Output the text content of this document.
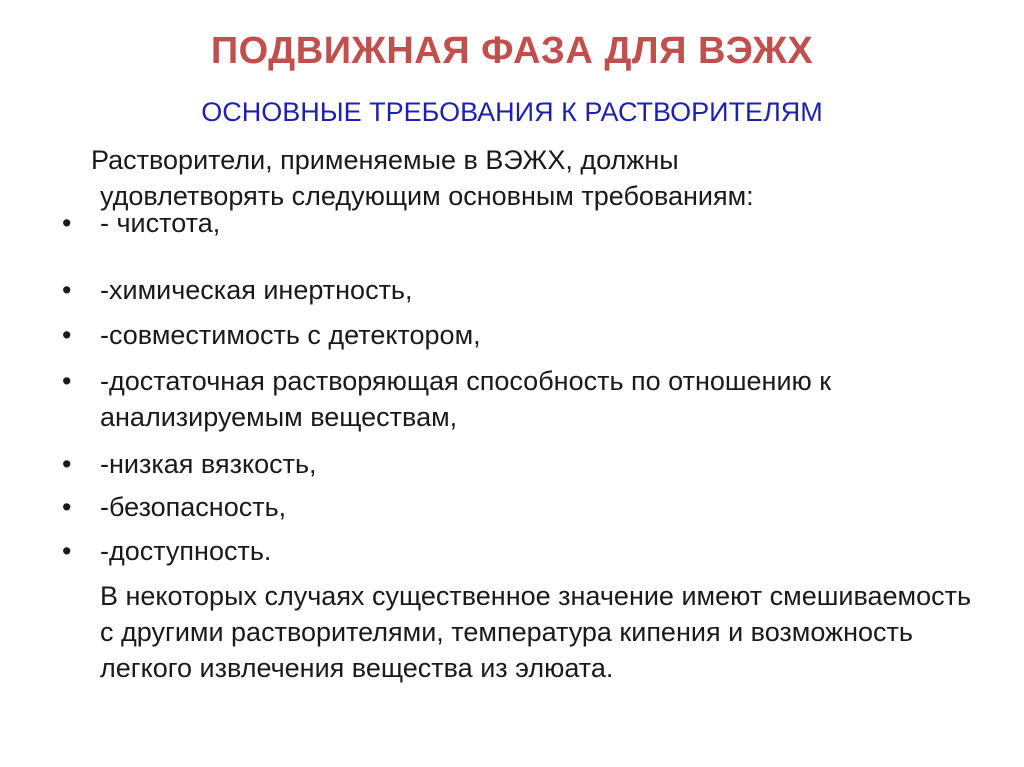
ПОДВИЖНАЯ ФАЗА ДЛЯ ВЭЖХ
ОСНОВНЫЕ ТРЕБОВАНИЯ К РАСТВОРИТЕЛЯМ
Растворители, применяемые в ВЭЖХ, должны
удовлетворять следующим основным требованиям:
•	- чистота,
•	-химическая инертность,
•	-совместимость с детектором,
•	-достаточная растворяющая способность по отношению к анализируемым веществам,
•	-низкая вязкость,
•	-безопасность,
•	-доступность.
В некоторых случаях существенное значение имеют смешиваемость с другими растворителями, температура кипения и возможность легкого извлечения вещества из элюата.
